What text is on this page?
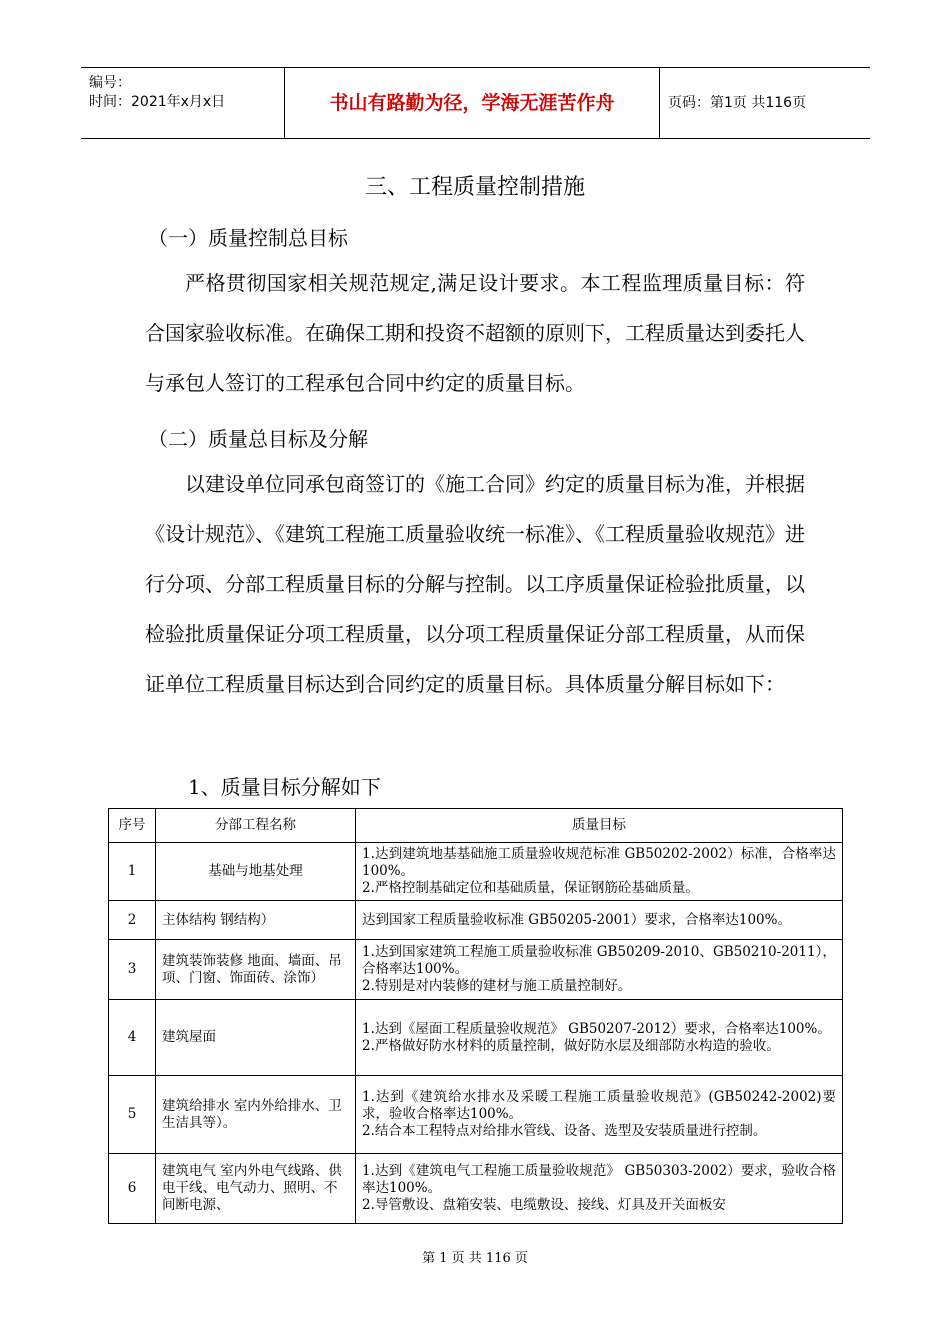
编号：
时间：2021年x月x日	书山有路勤为径，学海无涯苦作舟	页码：第1页 共116页
三、工程质量控制措施
（一）质量控制总目标

严格贯彻国家相关规范规定,满足设计要求。本工程监理质量目标：符合国家验收标准。在确保工期和投资不超额的原则下，工程质量达到委托人与承包人签订的工程承包合同中约定的质量目标。

（二）质量总目标及分解

以建设单位同承包商签订的《施工合同》约定的质量目标为准，并根据《设计规范》、《建筑工程施工质量验收统一标准》、《工程质量验收规范》进行分项、分部工程质量目标的分解与控制。以工序质量保证检验批质量，以检验批质量保证分项工程质量，以分项工程质量保证分部工程质量，从而保证单位工程质量目标达到合同约定的质量目标。具体质量分解目标如下：

1、质量目标分解如下
序号	分部工程名称	质量目标
1	基础与地基处理	1.达到建筑地基基础施工质量验收规范标准 GB50202-2002）标准，合格率达100%。
2.严格控制基础定位和基础质量，保证钢筋砼基础质量。

2	主体结构 钢结构）	达到国家工程质量验收标准 GB50205-2001）要求，合格率达100%。

3	建筑装饰装修 地面、墙面、吊项、门窗、饰面砖、涂饰）	1.达到国家建筑工程施工质量验收标准 GB50209-2010、GB50210-2011），合格率达100%。
2.特别是对内装修的建材与施工质量控制好。

4	建筑屋面	1.达到《屋面工程质量验收规范》 GB50207-2012）要求，合格率达100%。
2.严格做好防水材料的质量控制，做好防水层及细部防水构造的验收。

5	建筑给排水 室内外给排水、卫生洁具等）。	1.达到《建筑给水排水及采暖工程施工质量验收规范》(GB50242-2002)要求，验收合格率达100%。
2.结合本工程特点对给排水管线、设备、选型及安装质量进行控制。

6	建筑电气 室内外电气线路、供电干线、电气动力、照明、不间断电源、	1.达到《建筑电气工程施工质量验收规范》 GB50303-2002）要求，验收合格率达100%。
2.导管敷设、盘箱安装、电缆敷设、接线、灯具及开关面板安
第 1 页 共 116 页
